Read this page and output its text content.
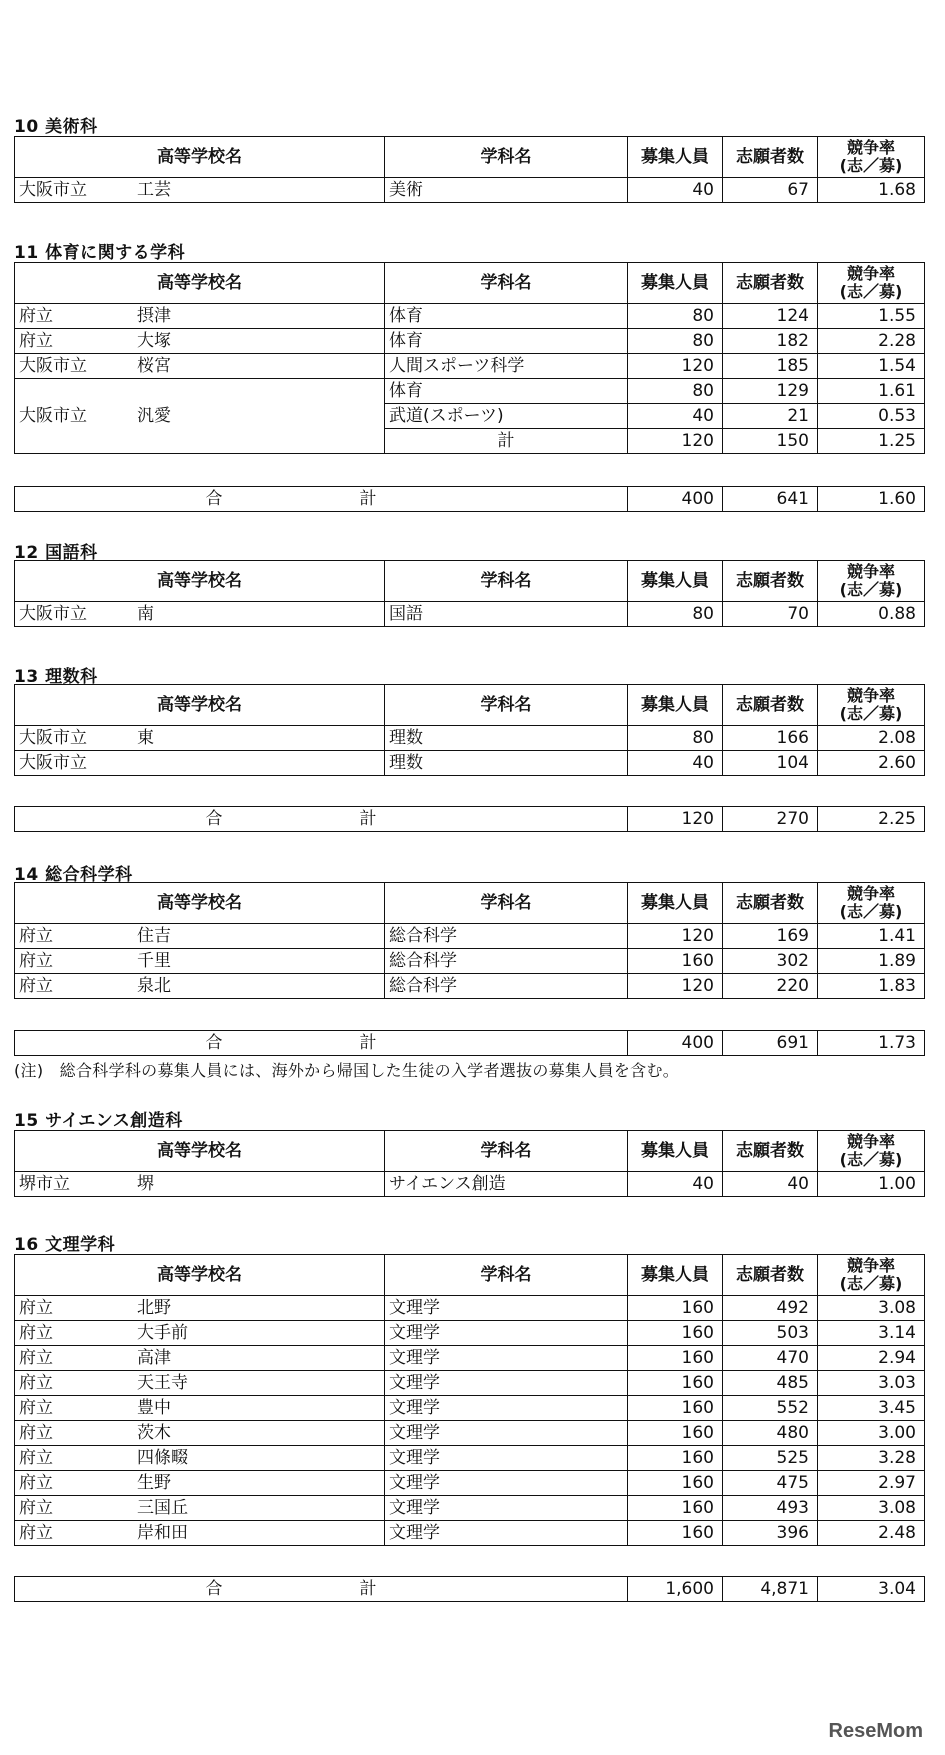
10 美術科
高等学校名	学科名	募集人員	志願者数	競争率
(志／募)
大阪市立 工芸	美術	40	67	1.68
11 体育に関する学科
高等学校名	学科名	募集人員	志願者数	競争率
(志／募)
府立 摂津	体育	80	124	1.55
府立 大塚	体育	80	182	2.28
大阪市立 桜宮	人間スポーツ科学	120	185	1.54
大阪市立 汎愛	体育	80	129	1.61
	武道(スポーツ)	40	21	0.53
	計	120	150	1.25
合　計	400	641	1.60
12 国語科
高等学校名	学科名	募集人員	志願者数	競争率
(志／募)
大阪市立 南	国語	80	70	0.88
13 理数科
高等学校名	学科名	募集人員	志願者数	競争率
(志／募)
大阪市立 東	理数	80	166	2.08
大阪市立	理数	40	104	2.60
合　計	120	270	2.25
14 総合科学科
高等学校名	学科名	募集人員	志願者数	競争率
(志／募)
府立 住吉	総合科学	120	169	1.41
府立 千里	総合科学	160	302	1.89
府立 泉北	総合科学	120	220	1.83
合　計	400	691	1.73
(注)　総合科学科の募集人員には、海外から帰国した生徒の入学者選抜の募集人員を含む。
15 サイエンス創造科
高等学校名	学科名	募集人員	志願者数	競争率
(志／募)
堺市立 堺	サイエンス創造	40	40	1.00
16 文理学科
高等学校名	学科名	募集人員	志願者数	競争率
(志／募)
府立 北野	文理学	160	492	3.08
府立 大手前	文理学	160	503	3.14
府立 高津	文理学	160	470	2.94
府立 天王寺	文理学	160	485	3.03
府立 豊中	文理学	160	552	3.45
府立 茨木	文理学	160	480	3.00
府立 四條畷	文理学	160	525	3.28
府立 生野	文理学	160	475	2.97
府立 三国丘	文理学	160	493	3.08
府立 岸和田	文理学	160	396	2.48
合　計	1,600	4,871	3.04
ReseMom
